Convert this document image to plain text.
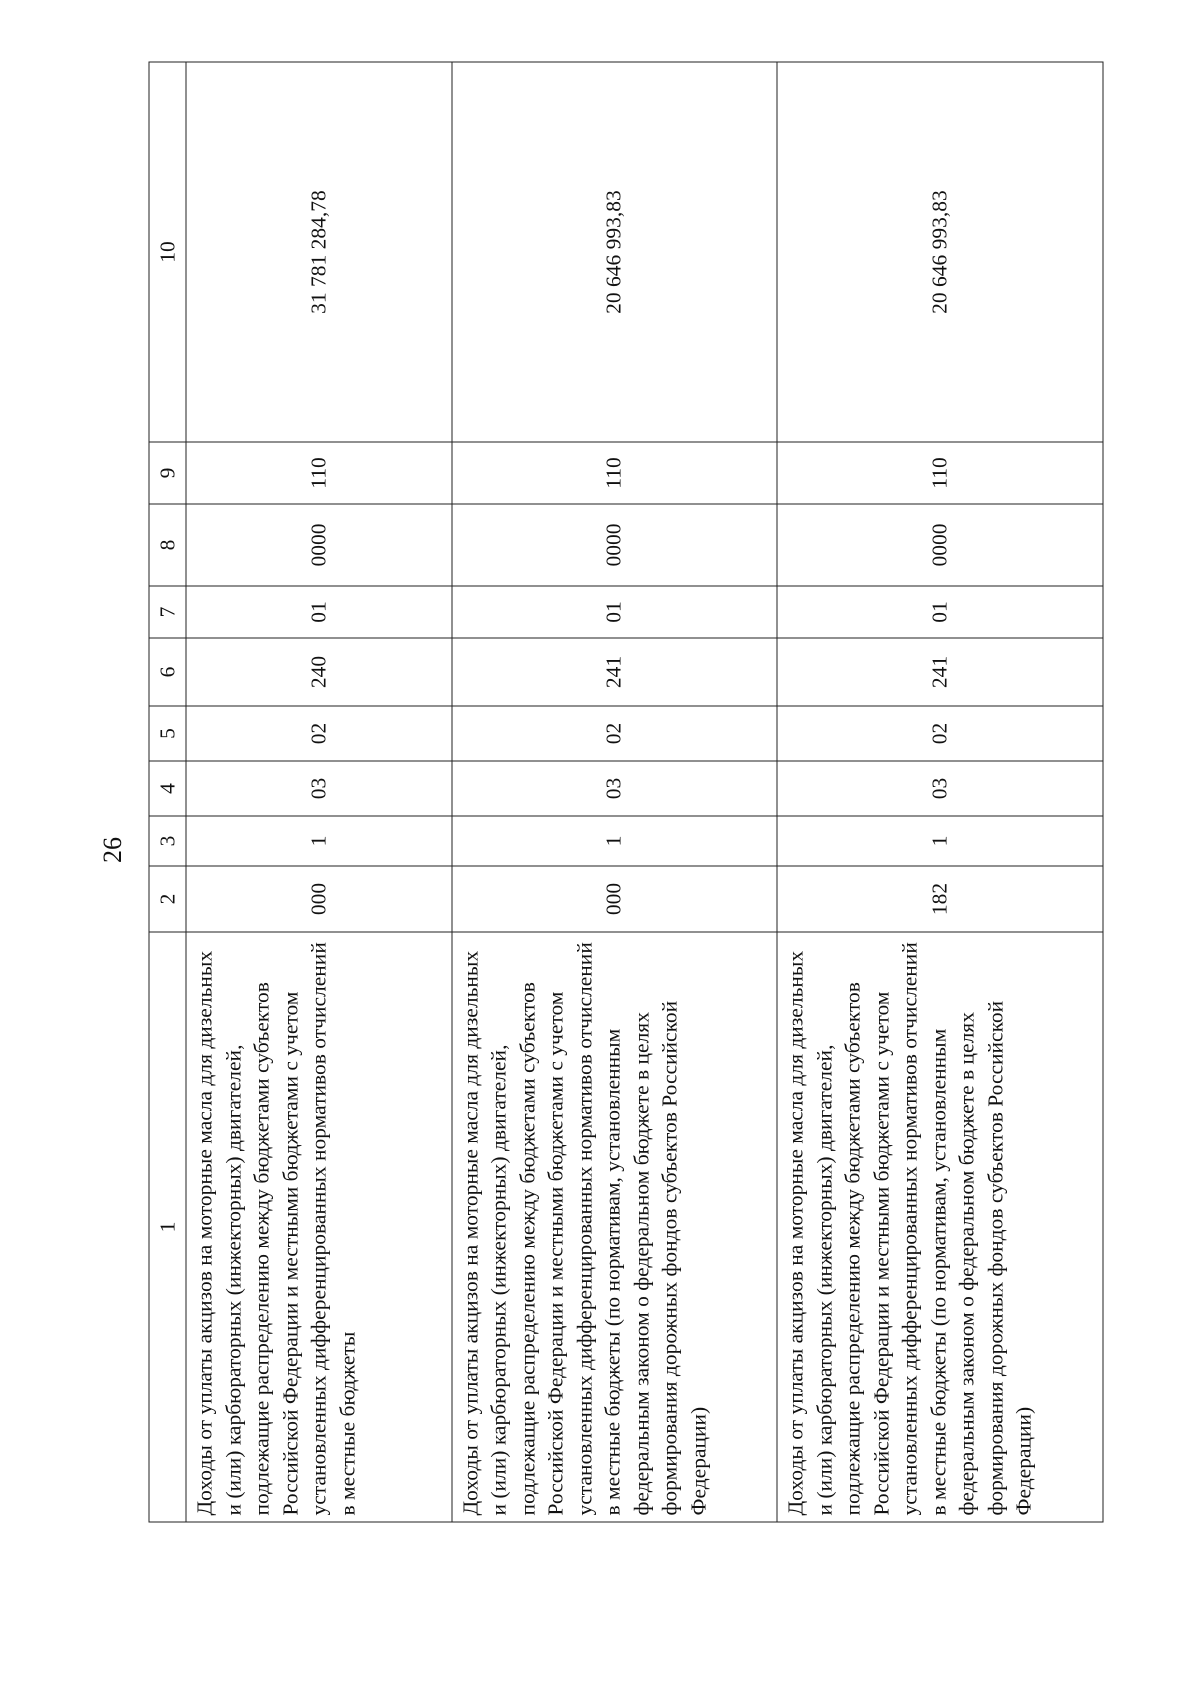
26
1	2	3	4	5	6	7	8	9	10
Доходы от уплаты акцизов на моторные масла для дизельных и (или) карбюраторных (инжекторных) двигателей, подлежащие распределению между бюджетами субъектов Российской Федерации и местными бюджетами с учетом установленных дифференцированных нормативов отчислений в местные бюджеты	000	1	03	02	240	01	0000	110	31 781 284,78
Доходы от уплаты акцизов на моторные масла для дизельных и (или) карбюраторных (инжекторных) двигателей, подлежащие распределению между бюджетами субъектов Российской Федерации и местными бюджетами с учетом установленных дифференцированных нормативов отчислений в местные бюджеты (по нормативам, установленным федеральным законом о федеральном бюджете в целях формирования дорожных фондов субъектов Российской Федерации)	000	1	03	02	241	01	0000	110	20 646 993,83
Доходы от уплаты акцизов на моторные масла для дизельных и (или) карбюраторных (инжекторных) двигателей, подлежащие распределению между бюджетами субъектов Российской Федерации и местными бюджетами с учетом установленных дифференцированных нормативов отчислений в местные бюджеты (по нормативам, установленным федеральным законом о федеральном бюджете в целях формирования дорожных фондов субъектов Российской Федерации)	182	1	03	02	241	01	0000	110	20 646 993,83
